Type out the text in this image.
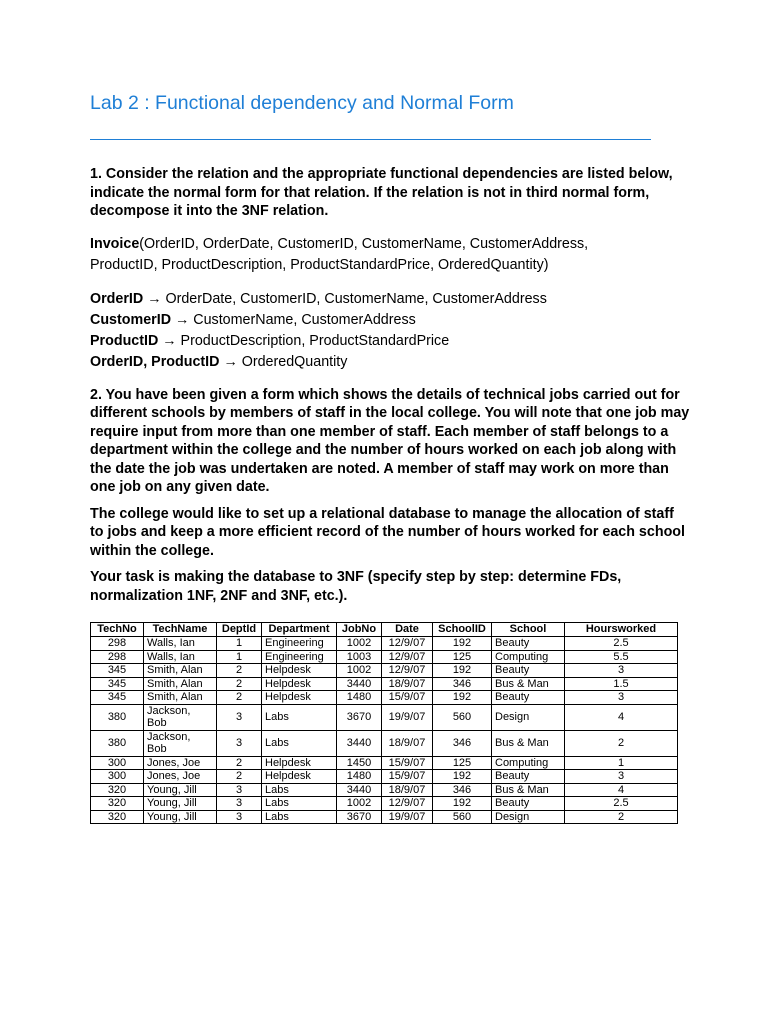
Lab 2 : Functional dependency and Normal Form

1. Consider the relation and the appropriate functional dependencies are listed below, indicate the normal form for that relation. If the relation is not in third normal form, decompose it into the 3NF relation.

Invoice(OrderID, OrderDate, CustomerID, CustomerName, CustomerAddress,
ProductID, ProductDescription, ProductStandardPrice, OrderedQuantity)

OrderID → OrderDate, CustomerID, CustomerName, CustomerAddress

CustomerID → CustomerName, CustomerAddress

ProductID → ProductDescription, ProductStandardPrice

OrderID, ProductID → OrderedQuantity

2. You have been given a form which shows the details of technical jobs carried out for different schools by members of staff in the local college. You will note that one job may require input from more than one member of staff. Each member of staff belongs to a department within the college and the number of hours worked on each job along with the date the job was undertaken are noted. A member of staff may work on more than one job on any given date.

The college would like to set up a relational database to manage the allocation of staff to jobs and keep a more efficient record of the number of hours worked for each school within the college.

Your task is making the database to 3NF (specify step by step: determine FDs, normalization 1NF, 2NF and 3NF, etc.).

TechNo	TechName	DeptId	Department	JobNo	Date	SchoolID	School	Hoursworked
298	Walls, Ian	1	Engineering	1002	12/9/07	192	Beauty	2.5
298	Walls, Ian	1	Engineering	1003	12/9/07	125	Computing	5.5
345	Smith, Alan	2	Helpdesk	1002	12/9/07	192	Beauty	3
345	Smith, Alan	2	Helpdesk	3440	18/9/07	346	Bus & Man	1.5
345	Smith, Alan	2	Helpdesk	1480	15/9/07	192	Beauty	3
380	Jackson, Bob	3	Labs	3670	19/9/07	560	Design	4
380	Jackson, Bob	3	Labs	3440	18/9/07	346	Bus & Man	2
300	Jones, Joe	2	Helpdesk	1450	15/9/07	125	Computing	1
300	Jones, Joe	2	Helpdesk	1480	15/9/07	192	Beauty	3
320	Young, Jill	3	Labs	3440	18/9/07	346	Bus & Man	4
320	Young, Jill	3	Labs	1002	12/9/07	192	Beauty	2.5
320	Young, Jill	3	Labs	3670	19/9/07	560	Design	2
